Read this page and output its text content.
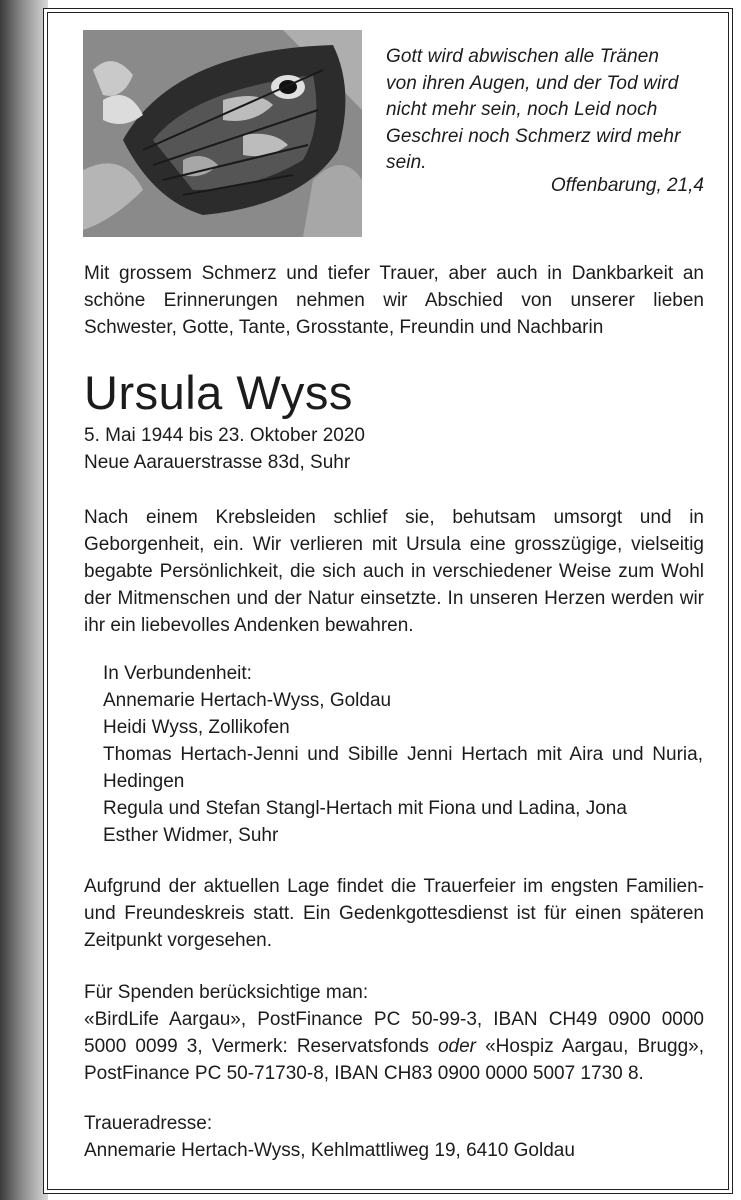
Gott wird abwischen alle Tränen
von ihren Augen, und der Tod wird
nicht mehr sein, noch Leid noch
Geschrei noch Schmerz wird mehr
sein.
Offenbarung, 21,4
Mit grossem Schmerz und tiefer Trauer, aber auch in Dankbarkeit an schöne Erinnerungen nehmen wir Abschied von unserer lieben Schwester, Gotte, Tante, Grosstante, Freundin und Nachbarin
Ursula Wyss
5. Mai 1944 bis 23. Oktober 2020
Neue Aarauerstrasse 83d, Suhr
Nach einem Krebsleiden schlief sie, behutsam umsorgt und in Geborgenheit, ein. Wir verlieren mit Ursula eine grosszügige, vielseitig begabte Persönlichkeit, die sich auch in verschiedener Weise zum Wohl der Mitmenschen und der Natur einsetzte. In unseren Herzen werden wir ihr ein liebevolles Andenken bewahren.
In Verbundenheit:
Annemarie Hertach-Wyss, Goldau
Heidi Wyss, Zollikofen
Thomas Hertach-Jenni und Sibille Jenni Hertach mit Aira und Nuria, Hedingen
Regula und Stefan Stangl-Hertach mit Fiona und Ladina, Jona
Esther Widmer, Suhr
Aufgrund der aktuellen Lage findet die Trauerfeier im engsten Familien- und Freundeskreis statt. Ein Gedenkgottesdienst ist für einen späteren Zeitpunkt vorgesehen.
Für Spenden berücksichtige man:
«BirdLife Aargau», PostFinance PC 50-99-3, IBAN CH49 0900 0000 5000 0099 3, Vermerk: Reservatsfonds oder «Hospiz Aargau, Brugg», PostFinance PC 50-71730-8, IBAN CH83 0900 0000 5007 1730 8.
Traueradresse:
Annemarie Hertach-Wyss, Kehlmattliweg 19, 6410 Goldau
